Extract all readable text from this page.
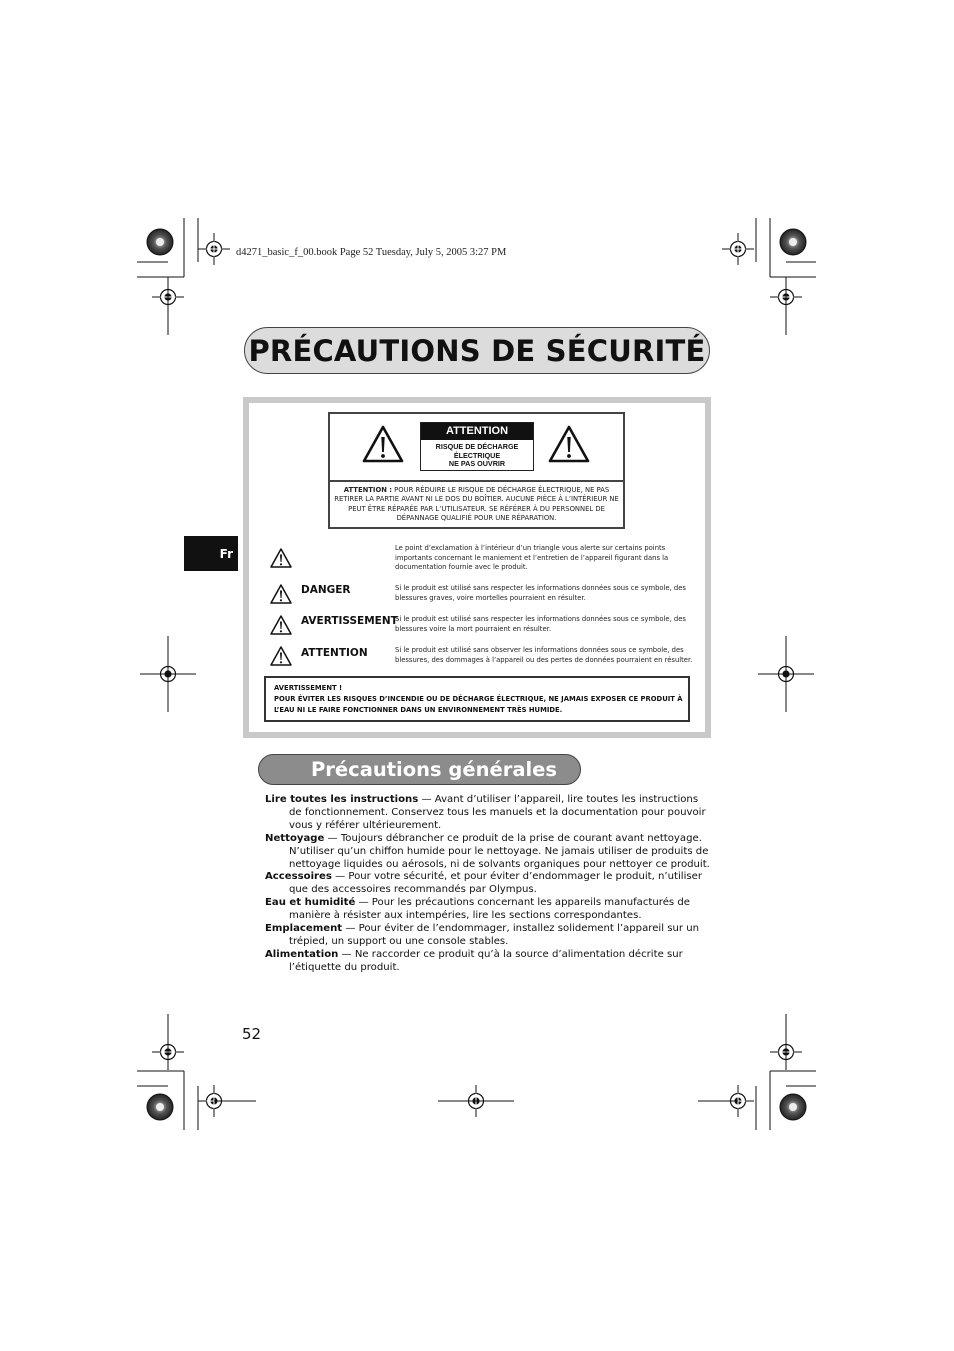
d4271_basic_f_00.book Page 52 Tuesday, July 5, 2005 3:27 PM
PRÉCAUTIONS DE SÉCURITÉ
Fr
ATTENTION
RISQUE DE DÉCHARGE
ÉLECTRIQUE
NE PAS OUVRIR
ATTENTION : POUR RÉDUIRE LE RISQUE DE DÉCHARGE ÉLECTRIQUE, NE PAS
RETIRER LA PARTIE AVANT NI LE DOS DU BOÎTIER. AUCUNE PIÈCE À L’INTÉRIEUR NE
PEUT ÊTRE RÉPARÉE PAR L’UTILISATEUR. SE RÉFÉRER À DU PERSONNEL DE
DÉPANNAGE QUALIFIÉ POUR UNE RÉPARATION.
Le point d’exclamation à l’intérieur d’un triangle vous alerte sur certains points importants concernant le maniement et l’entretien de l’appareil figurant dans la documentation fournie avec le produit.
DANGER	Si le produit est utilisé sans respecter les informations données sous ce symbole, des blessures graves, voire mortelles pourraient en résulter.
AVERTISSEMENT
Si le produit est utilisé sans respecter les informations données sous ce symbole, des blessures voire la mort pourraient en résulter.
ATTENTION	Si le produit est utilisé sans observer les informations données sous ce symbole, des blessures, des dommages à l’appareil ou des pertes de données pourraient en résulter.
AVERTISSEMENT !
POUR ÉVITER LES RISQUES D’INCENDIE OU DE DÉCHARGE ÉLECTRIQUE, NE JAMAIS EXPOSER CE PRODUIT À
L’EAU NI LE FAIRE FONCTIONNER DANS UN ENVIRONNEMENT TRÈS HUMIDE.
Précautions générales

Lire toutes les instructions — Avant d’utiliser l’appareil, lire toutes les instructions de fonctionnement. Conservez tous les manuels et la documentation pour pouvoir vous y référer ultérieurement.

Nettoyage — Toujours débrancher ce produit de la prise de courant avant nettoyage. N’utiliser qu’un chiffon humide pour le nettoyage. Ne jamais utiliser de produits de nettoyage liquides ou aérosols, ni de solvants organiques pour nettoyer ce produit.

Accessoires — Pour votre sécurité, et pour éviter d’endommager le produit, n’utiliser que des accessoires recommandés par Olympus.

Eau et humidité — Pour les précautions concernant les appareils manufacturés de manière à résister aux intempéries, lire les sections correspondantes.

Emplacement — Pour éviter de l’endommager, installez solidement l’appareil sur un trépied, un support ou une console stables.

Alimentation — Ne raccorder ce produit qu’à la source d’alimentation décrite sur l’étiquette du produit.

52
